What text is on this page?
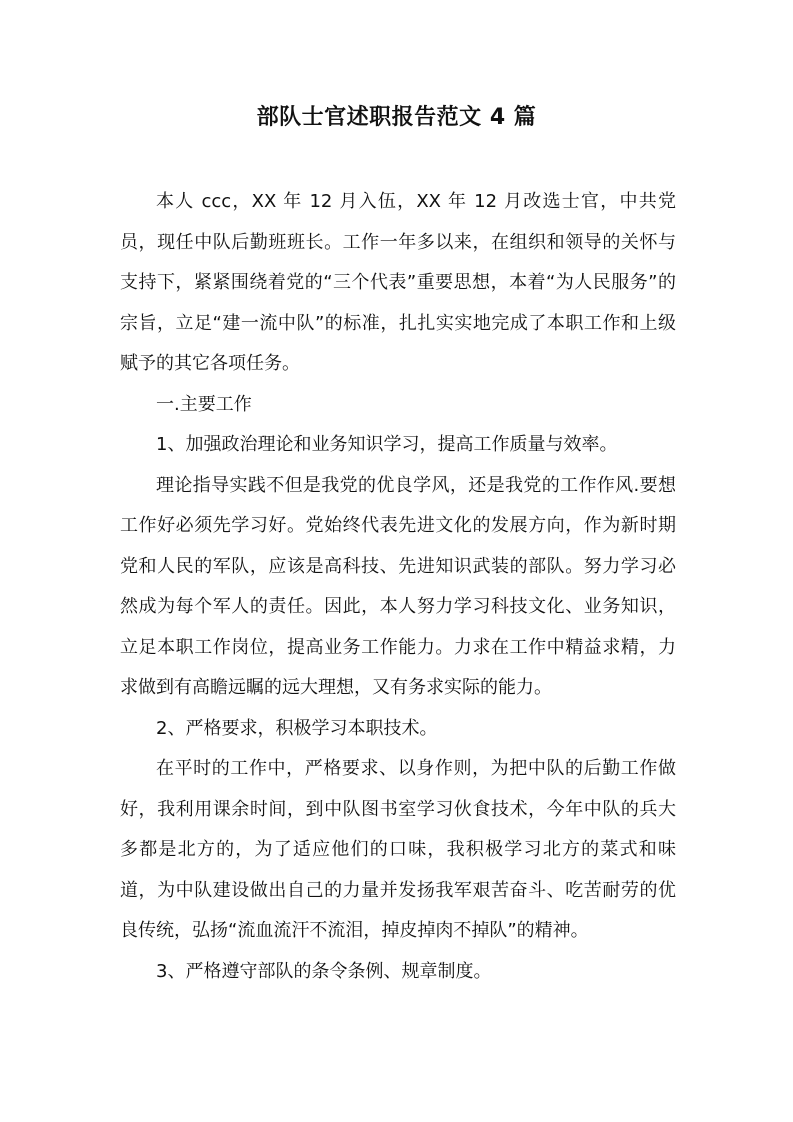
部队士官述职报告范文 4 篇

本人 ccc，XX 年 12 月入伍，XX 年 12 月改选士官，中共党员，现任中队后勤班班长。工作一年多以来，在组织和领导的关怀与支持下，紧紧围绕着党的“三个代表”重要思想，本着“为人民服务”的宗旨，立足“建一流中队”的标准，扎扎实实地完成了本职工作和上级赋予的其它各项任务。

一.主要工作

1、加强政治理论和业务知识学习，提高工作质量与效率。

理论指导实践不但是我党的优良学风，还是我党的工作作风.要想工作好必须先学习好。党始终代表先进文化的发展方向，作为新时期党和人民的军队，应该是高科技、先进知识武装的部队。努力学习必然成为每个军人的责任。因此，本人努力学习科技文化、业务知识，立足本职工作岗位，提高业务工作能力。力求在工作中精益求精，力求做到有高瞻远瞩的远大理想，又有务求实际的能力。

2、严格要求，积极学习本职技术。

在平时的工作中，严格要求、以身作则，为把中队的后勤工作做好，我利用课余时间，到中队图书室学习伙食技术，今年中队的兵大多都是北方的，为了适应他们的口味，我积极学习北方的菜式和味道，为中队建设做出自己的力量并发扬我军艰苦奋斗、吃苦耐劳的优良传统，弘扬“流血流汗不流泪，掉皮掉肉不掉队”的精神。

3、严格遵守部队的条令条例、规章制度。
